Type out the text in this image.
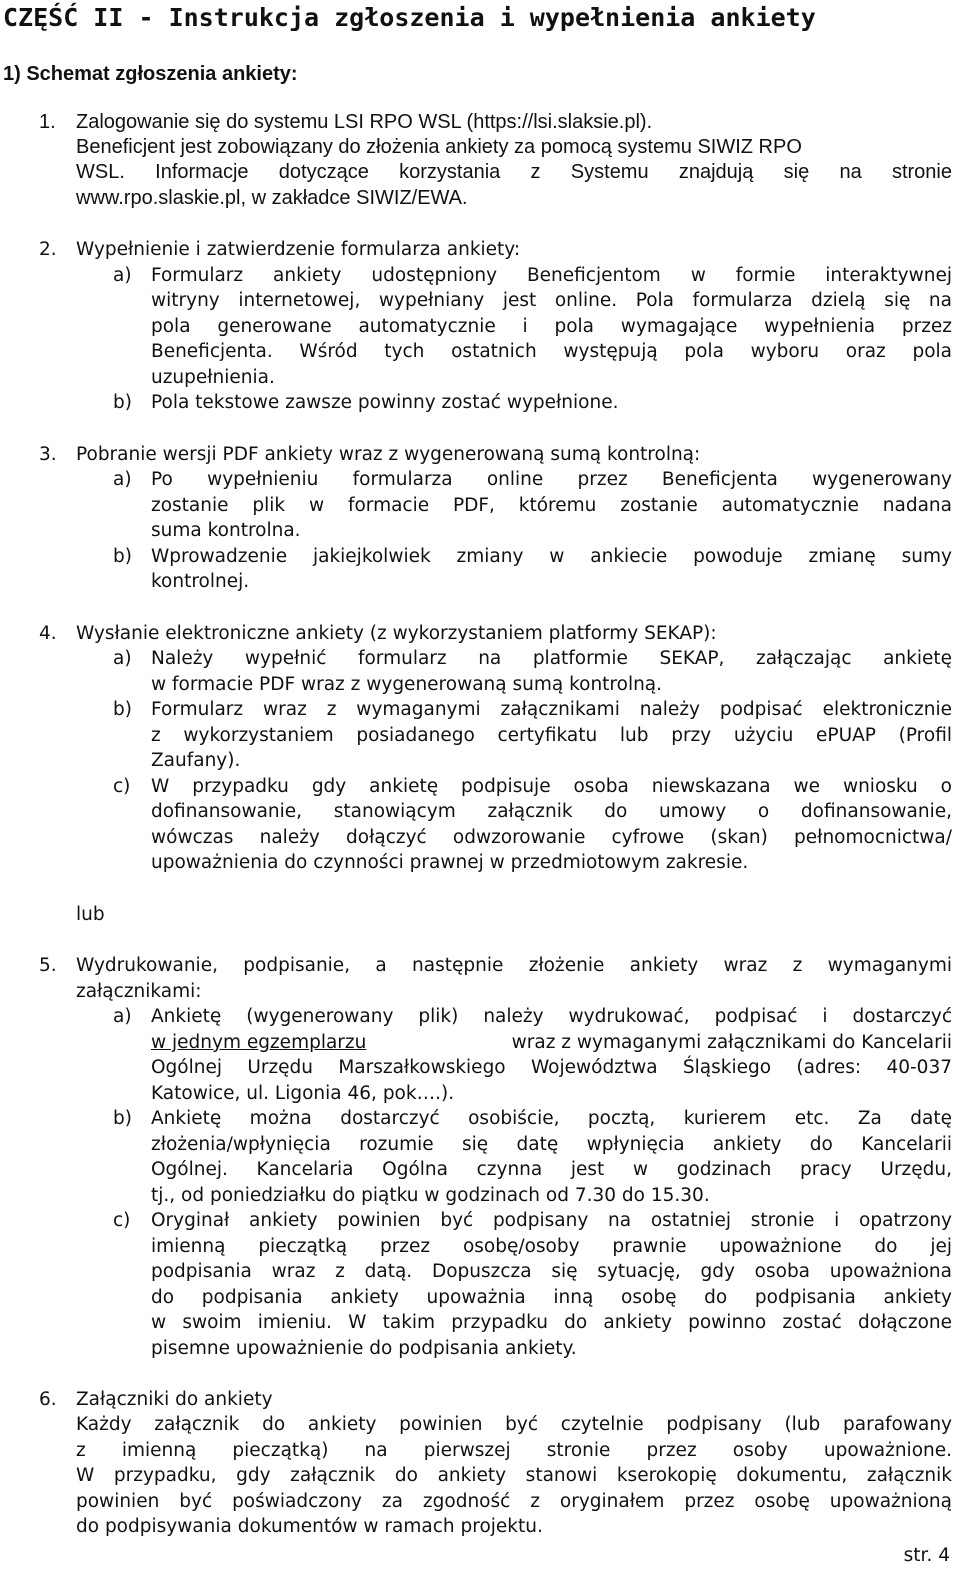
CZĘŚĆ II - Instrukcja zgłoszenia i wypełnienia ankiety
1) Schemat zgłoszenia ankiety:
1. Zalogowanie się do systemu LSI RPO WSL (https://lsi.slaksie.pl).
Beneficjent jest zobowiązany do złożenia ankiety za pomocą systemu SIWIZ RPO
WSL. Informacje dotyczące korzystania z Systemu znajdują się na stronie
www.rpo.slaskie.pl, w zakładce SIWIZ/EWA.
2. Wypełnienie i zatwierdzenie formularza ankiety:
a) Formularz ankiety udostępniony Beneficjentom w formie interaktywnej
witryny internetowej, wypełniany jest online. Pola formularza dzielą się na
pola generowane automatycznie i pola wymagające wypełnienia przez
Beneficjenta. Wśród tych ostatnich występują pola wyboru oraz pola
uzupełnienia.
b) Pola tekstowe zawsze powinny zostać wypełnione.
3. Pobranie wersji PDF ankiety wraz z wygenerowaną sumą kontrolną:
a) Po wypełnieniu formularza online przez Beneficjenta wygenerowany
zostanie plik w formacie PDF, któremu zostanie automatycznie nadana
suma kontrolna.
b) Wprowadzenie jakiejkolwiek zmiany w ankiecie powoduje zmianę sumy
kontrolnej.
4. Wysłanie elektroniczne ankiety (z wykorzystaniem platformy SEKAP):
a) Należy wypełnić formularz na platformie SEKAP, załączając ankietę
w formacie PDF wraz z wygenerowaną sumą kontrolną.
b) Formularz wraz z wymaganymi załącznikami należy podpisać elektronicznie
z wykorzystaniem posiadanego certyfikatu lub przy użyciu ePUAP (Profil
Zaufany).
c) W przypadku gdy ankietę podpisuje osoba niewskazana we wniosku o
dofinansowanie, stanowiącym załącznik do umowy o dofinansowanie,
wówczas należy dołączyć odwzorowanie cyfrowe (skan) pełnomocnictwa/
upoważnienia do czynności prawnej w przedmiotowym zakresie.
lub
5. Wydrukowanie, podpisanie, a następnie złożenie ankiety wraz z wymaganymi
załącznikami:
a) Ankietę (wygenerowany plik) należy wydrukować, podpisać i dostarczyć
w jednym egzemplarzu	wraz z wymaganymi załącznikami do Kancelarii
Ogólnej Urzędu Marszałkowskiego Województwa Śląskiego (adres: 40-037
Katowice, ul. Ligonia 46, pok….).
b) Ankietę można dostarczyć osobiście, pocztą, kurierem etc. Za datę
złożenia/wpłynięcia rozumie się datę wpłynięcia ankiety do Kancelarii
Ogólnej. Kancelaria Ogólna czynna jest w godzinach pracy Urzędu,
tj., od poniedziałku do piątku w godzinach od 7.30 do 15.30.
c) Oryginał ankiety powinien być podpisany na ostatniej stronie i opatrzony
imienną pieczątką przez osobę/osoby prawnie upoważnione do jej
podpisania wraz z datą. Dopuszcza się sytuację, gdy osoba upoważniona
do podpisania ankiety upoważnia inną osobę do podpisania ankiety
w swoim imieniu. W takim przypadku do ankiety powinno zostać dołączone
pisemne upoważnienie do podpisania ankiety.
6. Załączniki do ankiety
Każdy załącznik do ankiety powinien być czytelnie podpisany (lub parafowany
z imienną pieczątką) na pierwszej stronie przez osoby upoważnione.
W przypadku, gdy załącznik do ankiety stanowi kserokopię dokumentu, załącznik
powinien być poświadczony za zgodność z oryginałem przez osobę upoważnioną
do podpisywania dokumentów w ramach projektu.
str. 4
